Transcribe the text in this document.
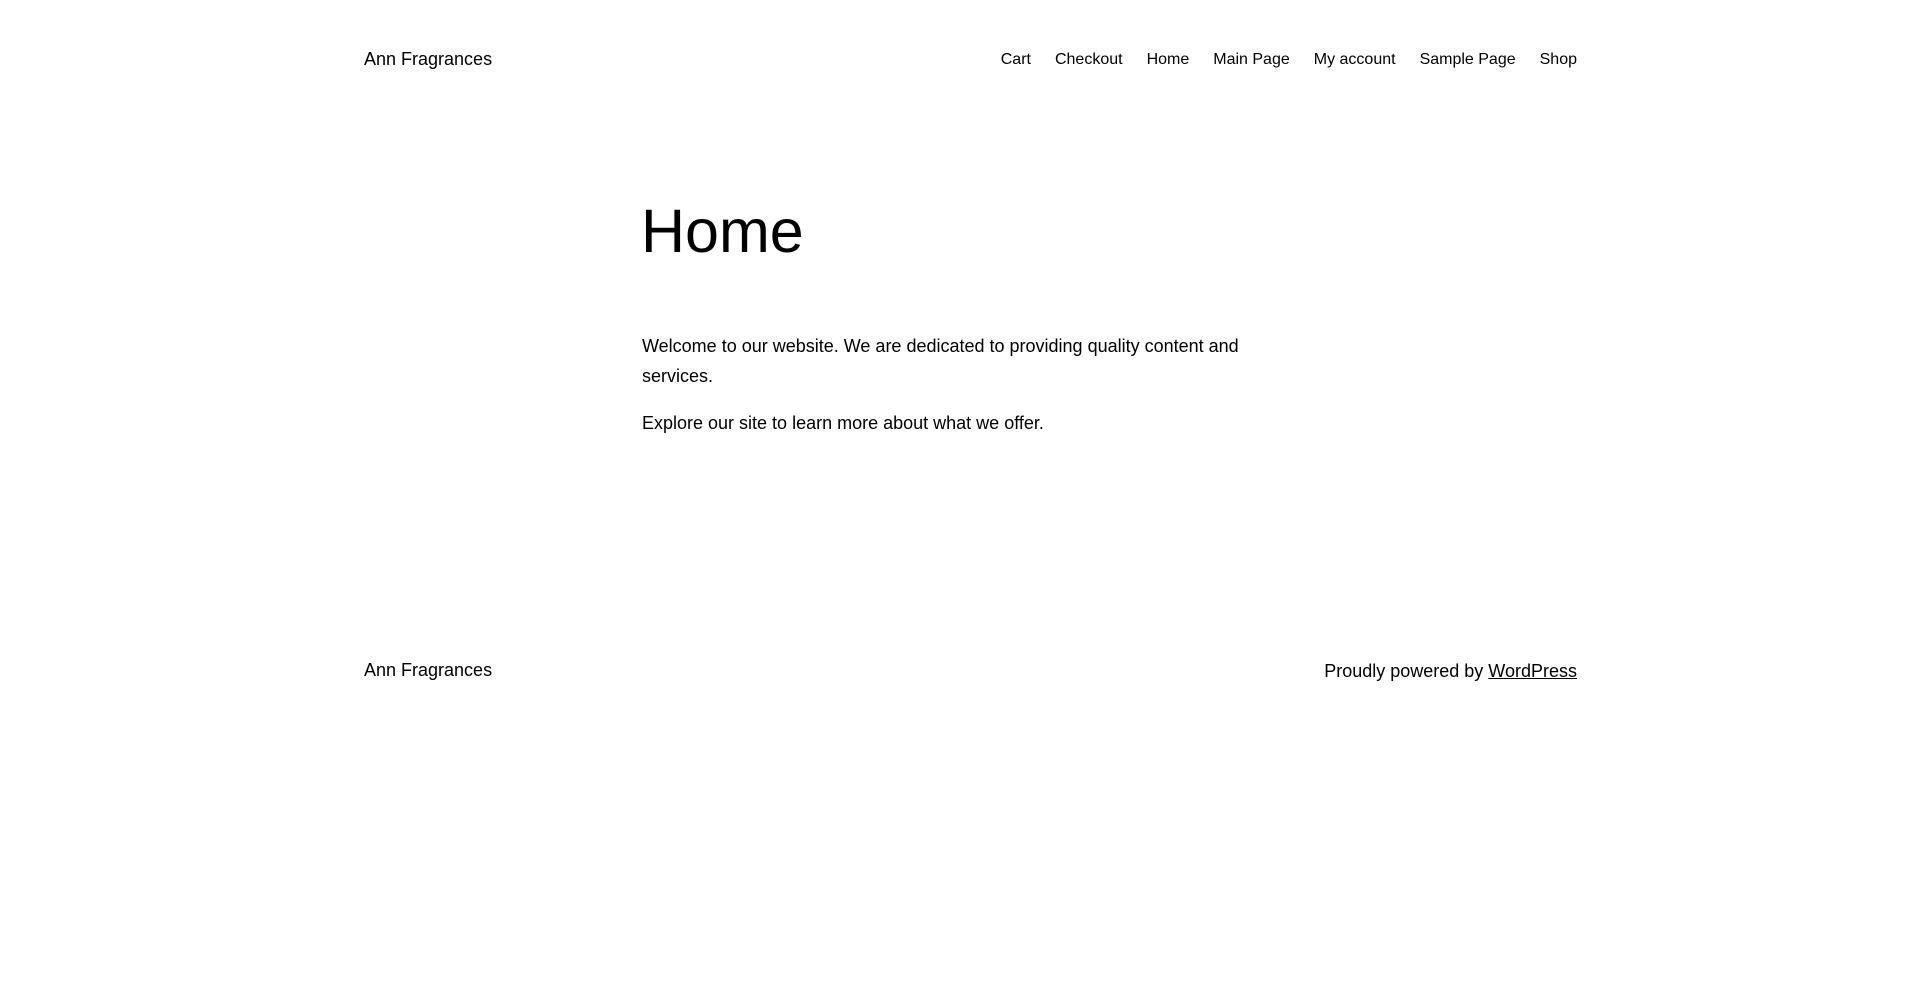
Ann Fragrances	Cart Checkout Home Main Page My account Sample Page Shop
Home

Welcome to our website. We are dedicated to providing quality content and services.

Explore our site to learn more about what we offer.

Ann Fragrances	Proudly powered by WordPress
